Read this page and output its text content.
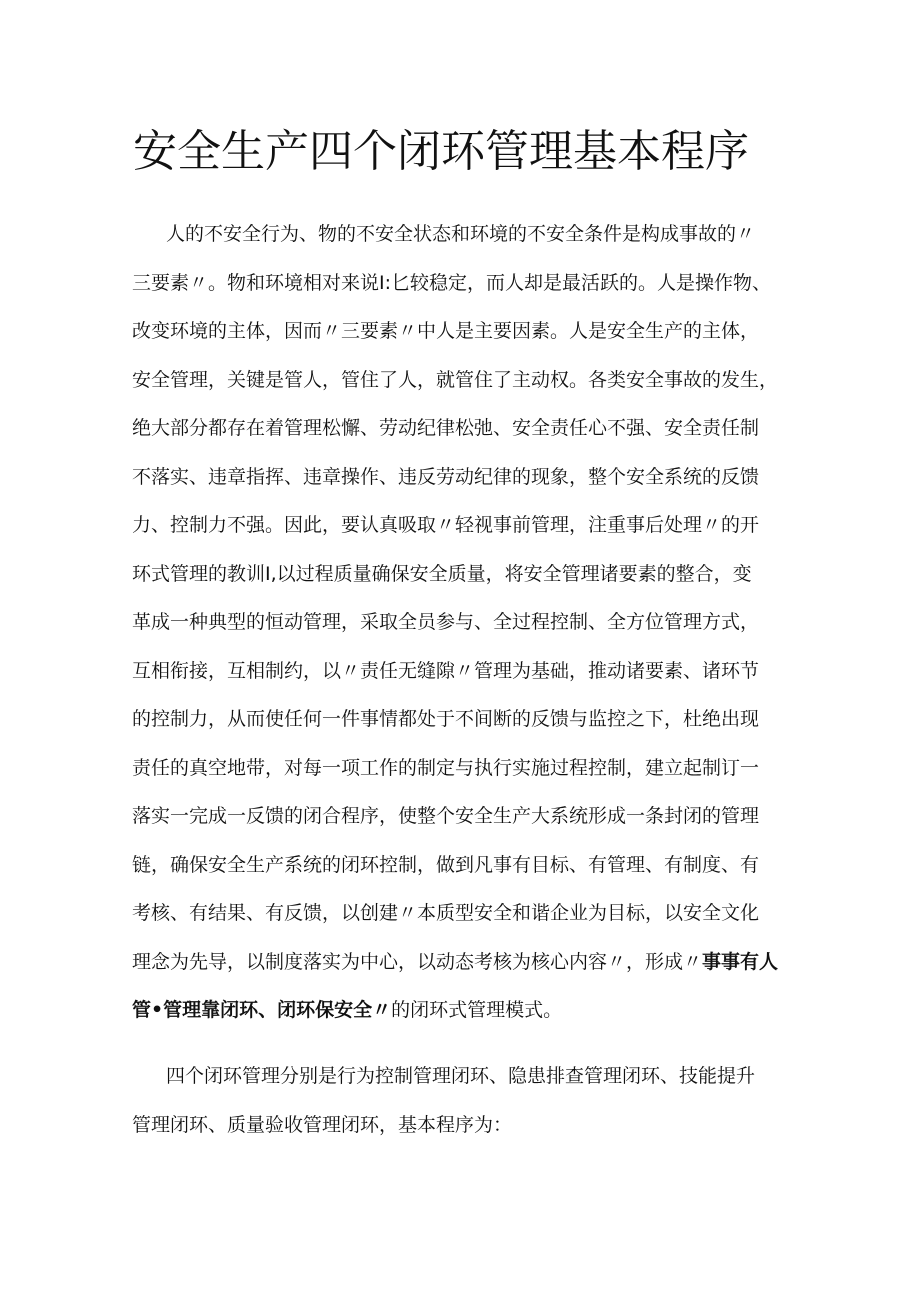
安全生产四个闭环管理基本程序

人的不安全行为、物的不安全状态和环境的不安全条件是构成事故的〃
三要素〃。物和环境相对来说I:匕较稳定，而人却是最活跃的。人是操作物、
改变环境的主体，因而〃三要素〃中人是主要因素。人是安全生产的主体，
安全管理，关键是管人，管住了人，就管住了主动权。各类安全事故的发生，
绝大部分都存在着管理松懈、劳动纪律松弛、安全责任心不强、安全责任制
不落实、违章指挥、违章操作、违反劳动纪律的现象，整个安全系统的反馈
力、控制力不强。因此，要认真吸取〃轻视事前管理，注重事后处理〃的开
环式管理的教训I,以过程质量确保安全质量，将安全管理诸要素的整合，变
革成一种典型的恒动管理，采取全员参与、全过程控制、全方位管理方式，
互相衔接，互相制约，以〃责任无缝隙〃管理为基础，推动诸要素、诸环节
的控制力，从而使任何一件事情都处于不间断的反馈与监控之下，杜绝出现
责任的真空地带，对每一项工作的制定与执行实施过程控制，建立起制订一
落实一完成一反馈的闭合程序，使整个安全生产大系统形成一条封闭的管理
链，确保安全生产系统的闭环控制，做到凡事有目标、有管理、有制度、有
考核、有结果、有反馈，以创建〃本质型安全和谐企业为目标，以安全文化
理念为先导，以制度落实为中心，以动态考核为核心内容〃，形成〃事事有人
管•管理靠闭环、闭环保安全〃的闭环式管理模式。

四个闭环管理分别是行为控制管理闭环、隐患排查管理闭环、技能提升
管理闭环、质量验收管理闭环，基本程序为：
